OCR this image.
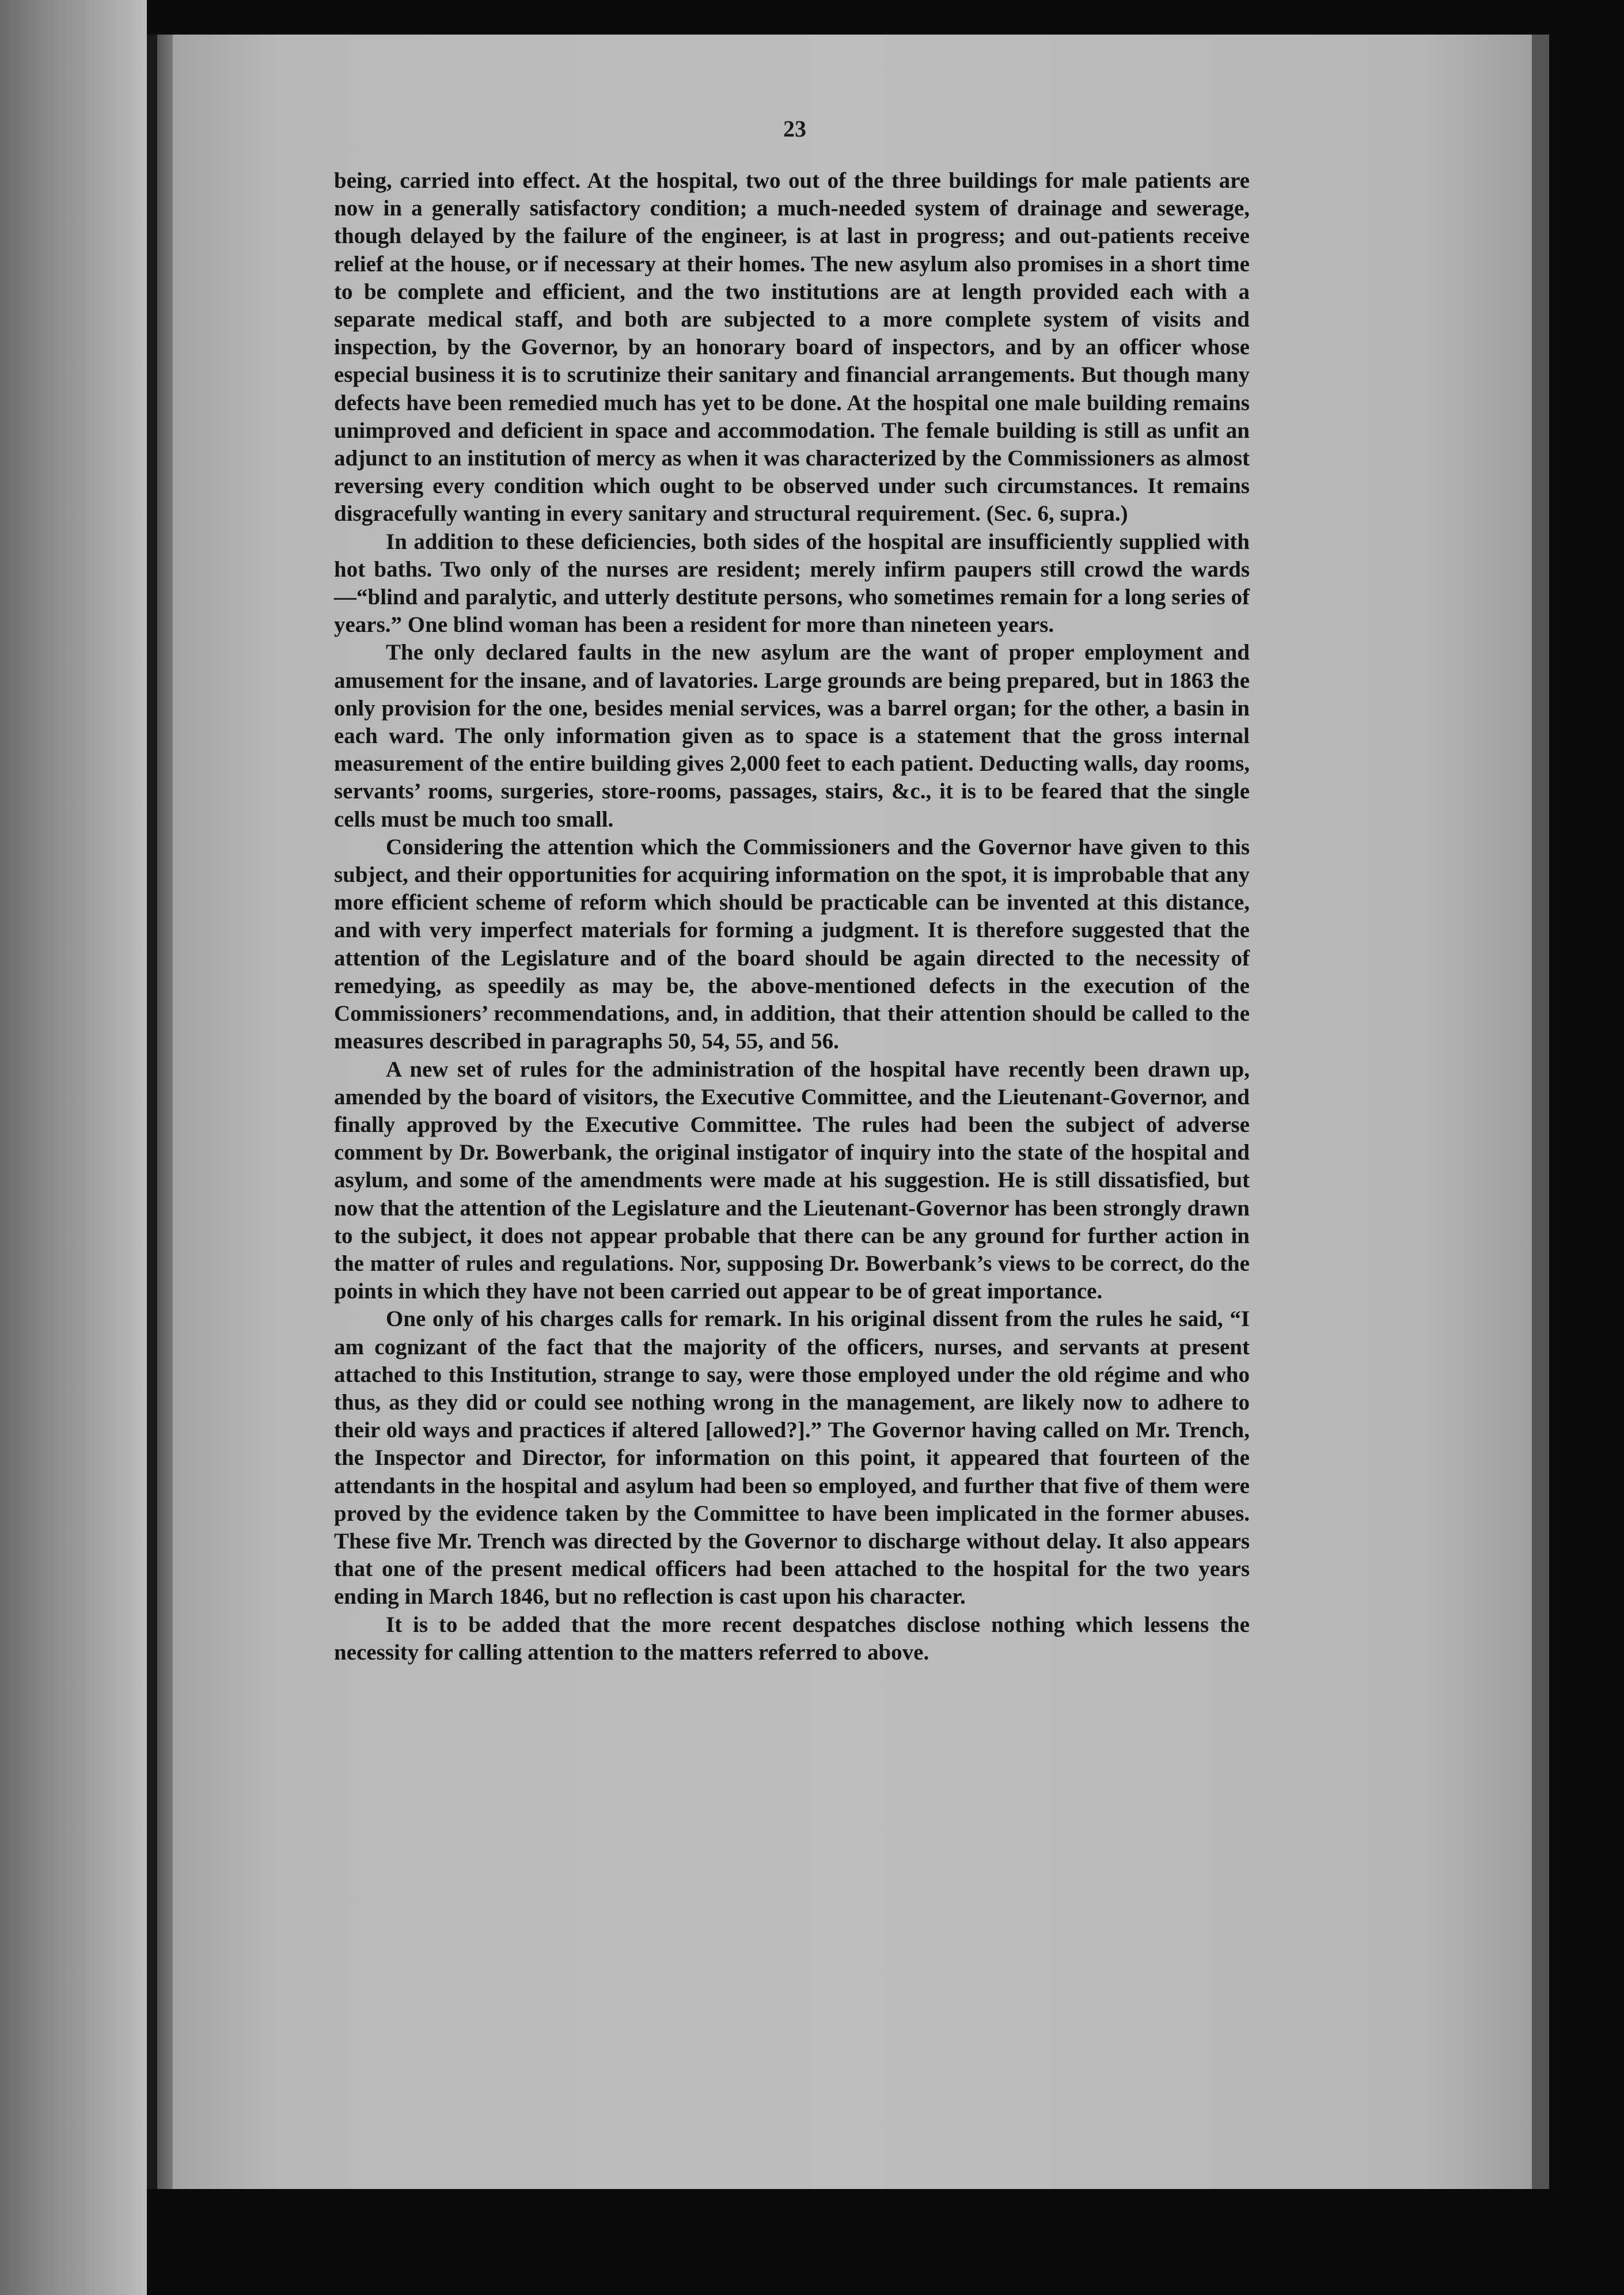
23

being, carried into effect. At the hospital, two out of the three buildings for male patients are now in a generally satisfactory condition; a much-needed system of drainage and sewerage, though delayed by the failure of the engineer, is at last in progress; and out-patients receive relief at the house, or if necessary at their homes. The new asylum also promises in a short time to be complete and efficient, and the two institutions are at length provided each with a separate medical staff, and both are subjected to a more complete system of visits and inspection, by the Governor, by an honorary board of inspectors, and by an officer whose especial business it is to scrutinize their sanitary and financial arrangements. But though many defects have been remedied much has yet to be done. At the hospital one male building remains unimproved and deficient in space and accommodation. The female building is still as unfit an adjunct to an institution of mercy as when it was characterized by the Commissioners as almost reversing every condition which ought to be observed under such circumstances. It remains disgracefully wanting in every sanitary and structural requirement. (Sec. 6, supra.)

In addition to these deficiencies, both sides of the hospital are insufficiently supplied with hot baths. Two only of the nurses are resident; merely infirm paupers still crowd the wards—“blind and paralytic, and utterly destitute persons, who sometimes remain for a long series of years.” One blind woman has been a resident for more than nineteen years.

The only declared faults in the new asylum are the want of proper employment and amusement for the insane, and of lavatories. Large grounds are being prepared, but in 1863 the only provision for the one, besides menial services, was a barrel organ; for the other, a basin in each ward. The only information given as to space is a statement that the gross internal measurement of the entire building gives 2,000 feet to each patient. Deducting walls, day rooms, servants’ rooms, surgeries, store-rooms, passages, stairs, &c., it is to be feared that the single cells must be much too small.

Considering the attention which the Commissioners and the Governor have given to this subject, and their opportunities for acquiring information on the spot, it is improbable that any more efficient scheme of reform which should be practicable can be invented at this distance, and with very imperfect materials for forming a judgment. It is therefore suggested that the attention of the Legislature and of the board should be again directed to the necessity of remedying, as speedily as may be, the above-mentioned defects in the execution of the Commissioners’ recommendations, and, in addition, that their attention should be called to the measures described in paragraphs 50, 54, 55, and 56.

A new set of rules for the administration of the hospital have recently been drawn up, amended by the board of visitors, the Executive Committee, and the Lieutenant-Governor, and finally approved by the Executive Committee. The rules had been the subject of adverse comment by Dr. Bowerbank, the original instigator of inquiry into the state of the hospital and asylum, and some of the amendments were made at his suggestion. He is still dissatisfied, but now that the attention of the Legislature and the Lieutenant-Governor has been strongly drawn to the subject, it does not appear probable that there can be any ground for further action in the matter of rules and regulations. Nor, supposing Dr. Bowerbank’s views to be correct, do the points in which they have not been carried out appear to be of great importance.

One only of his charges calls for remark. In his original dissent from the rules he said, “I am cognizant of the fact that the majority of the officers, nurses, and servants at present attached to this Institution, strange to say, were those employed under the old régime and who thus, as they did or could see nothing wrong in the management, are likely now to adhere to their old ways and practices if altered [allowed?].” The Governor having called on Mr. Trench, the Inspector and Director, for information on this point, it appeared that fourteen of the attendants in the hospital and asylum had been so employed, and further that five of them were proved by the evidence taken by the Committee to have been implicated in the former abuses. These five Mr. Trench was directed by the Governor to discharge without delay. It also appears that one of the present medical officers had been attached to the hospital for the two years ending in March 1846, but no reflection is cast upon his character.

It is to be added that the more recent despatches disclose nothing which lessens the necessity for calling attention to the matters referred to above.
